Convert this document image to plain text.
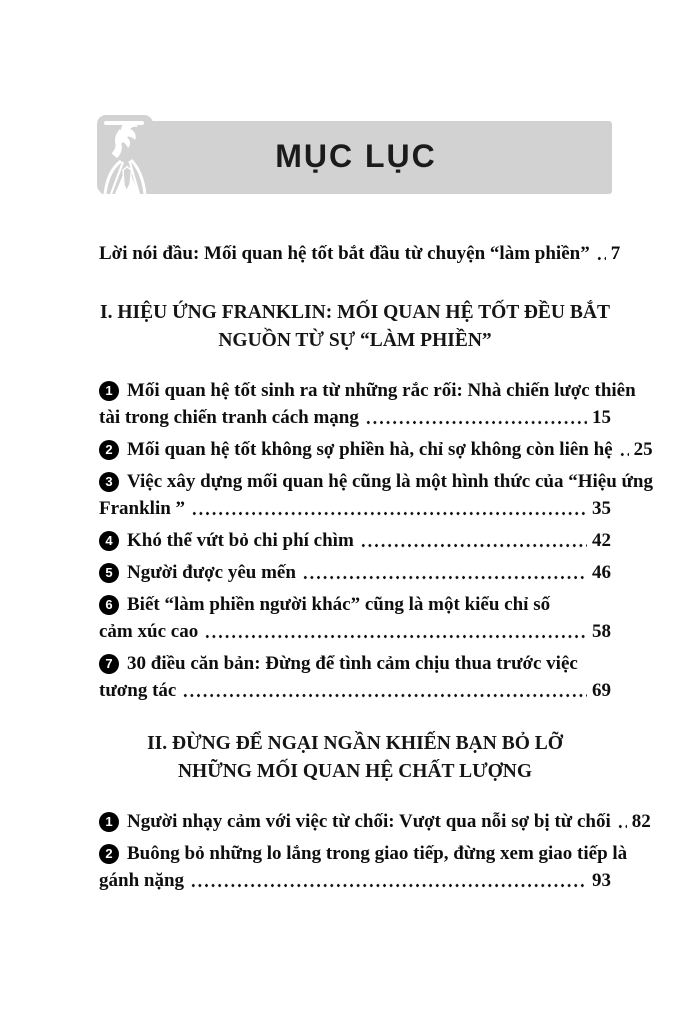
MỤC LỤC
Lời nói đầu: Mối quan hệ tốt bắt đầu từ chuyện “làm phiền” 7
I. HIỆU ỨNG FRANKLIN: MỐI QUAN HỆ TỐT ĐỀU BẮT
NGUỒN TỪ SỰ “LÀM PHIỀN”
1 Mối quan hệ tốt sinh ra từ những rắc rối: Nhà chiến lược thiên
tài trong chiến tranh cách mạng	15
2 Mối quan hệ tốt không sợ phiền hà, chỉ sợ không còn liên hệ 25
3 Việc xây dựng mối quan hệ cũng là một hình thức của “Hiệu ứng
Franklin ”	35
4 Khó thể vứt bỏ chi phí chìm	42
5 Người được yêu mến	46
6 Biết “làm phiền người khác” cũng là một kiểu chỉ số
cảm xúc cao	58
7 30 điều căn bản: Đừng để tình cảm chịu thua trước việc
tương tác	69
II. ĐỪNG ĐỂ NGẠI NGẦN KHIẾN BẠN BỎ LỠ
NHỮNG MỐI QUAN HỆ CHẤT LƯỢNG
1 Người nhạy cảm với việc từ chối: Vượt qua nỗi sợ bị từ chối 82
2 Buông bỏ những lo lắng trong giao tiếp, đừng xem giao tiếp là
gánh nặng	93
